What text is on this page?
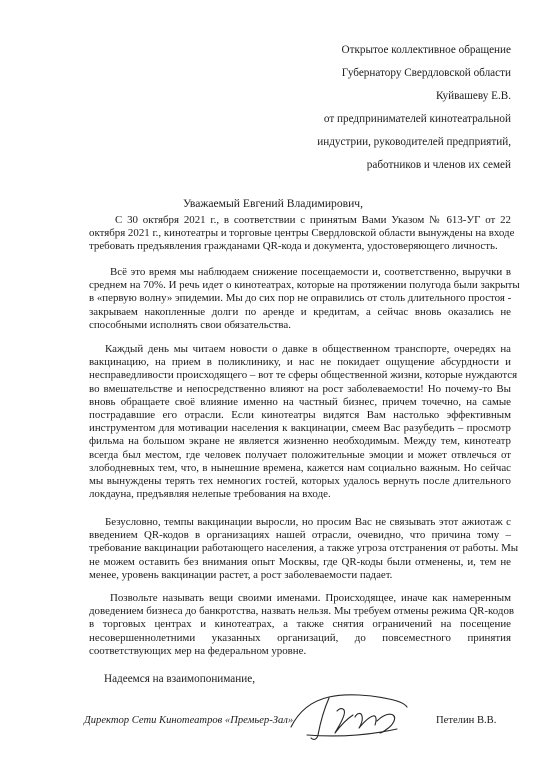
Открытое коллективное обращение
Губернатору Свердловской области
Куйвашеву Е.В.
от предпринимателей кинотеатральной
индустрии, руководителей предприятий,
работников и членов их семей
Уважаемый Евгений Владимирович,
С 30 октября 2021 г., в соответствии с принятым Вами Указом № 613-УГ от 22
октября 2021 г., кинотеатры и торговые центры Свердловской области вынуждены на входе
требовать предъявления гражданами QR-кода и документа, удостоверяющего личность.
Всё это время мы наблюдаем снижение посещаемости и, соответственно, выручки в
среднем на 70%. И речь идет о кинотеатрах, которые на протяжении полугода были закрыты
в «первую волну» эпидемии. Мы до сих пор не оправились от столь длительного простоя -
закрываем накопленные долги по аренде и кредитам, а сейчас вновь оказались не
способными исполнять свои обязательства.
Каждый день мы читаем новости о давке в общественном транспорте, очередях на
вакцинацию, на прием в поликлинику, и нас не покидает ощущение абсурдности и
несправедливости происходящего – вот те сферы общественной жизни, которые нуждаются
во вмешательстве и непосредственно влияют на рост заболеваемости! Но почему-то Вы
вновь обращаете своё влияние именно на частный бизнес, причем точечно, на самые
пострадавшие его отрасли. Если кинотеатры видятся Вам настолько эффективным
инструментом для мотивации населения к вакцинации, смеем Вас разубедить – просмотр
фильма на большом экране не является жизненно необходимым. Между тем, кинотеатр
всегда был местом, где человек получает положительные эмоции и может отвлечься от
злободневных тем, что, в нынешние времена, кажется нам социально важным. Но сейчас
мы вынуждены терять тех немногих гостей, которых удалось вернуть после длительного
локдауна, предъявляя нелепые требования на входе.
Безусловно, темпы вакцинации выросли, но просим Вас не связывать этот ажиотаж с
введением QR-кодов в организациях нашей отрасли, очевидно, что причина тому –
требование вакцинации работающего населения, а также угроза отстранения от работы. Мы
не можем оставить без внимания опыт Москвы, где QR-коды были отменены, и, тем не
менее, уровень вакцинации растет, а рост заболеваемости падает.
Позвольте называть вещи своими именами. Происходящее, иначе как намеренным
доведением бизнеса до банкротства, назвать нельзя. Мы требуем отмены режима QR-кодов
в торговых центрах и кинотеатрах, а также снятия ограничений на посещение
несовершеннолетними указанных организаций, до повсеместного принятия
соответствующих мер на федеральном уровне.
Надеемся на взаимопонимание,
Директор Сети Кинотеатров «Премьер-Зал»	Петелин В.В.
